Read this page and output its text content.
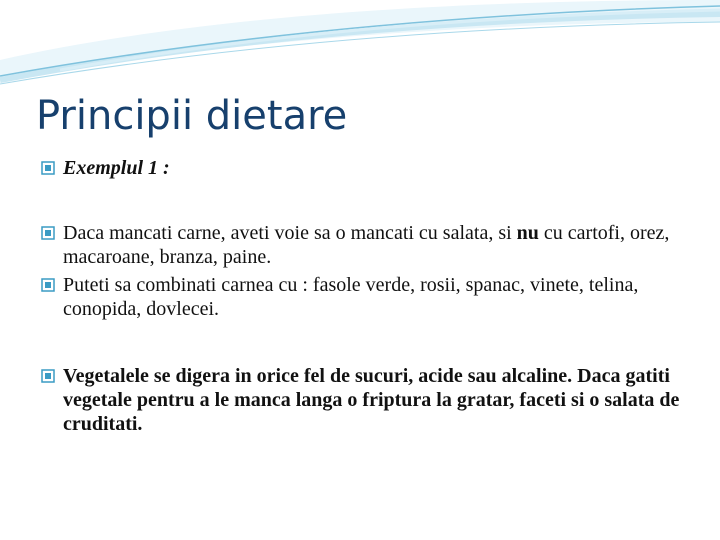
Principii dietare

Exemplul 1 :

Daca mancati carne, aveti voie sa o mancati cu salata, si nu cu cartofi, orez, macaroane, branza, paine.

Puteti sa combinati carnea cu : fasole verde, rosii, spanac, vinete, telina, conopida, dovlecei.

Vegetalele se digera in orice fel de sucuri, acide sau alcaline. Daca gatiti vegetale pentru a le manca langa o friptura la gratar, faceti si o salata de cruditati.
